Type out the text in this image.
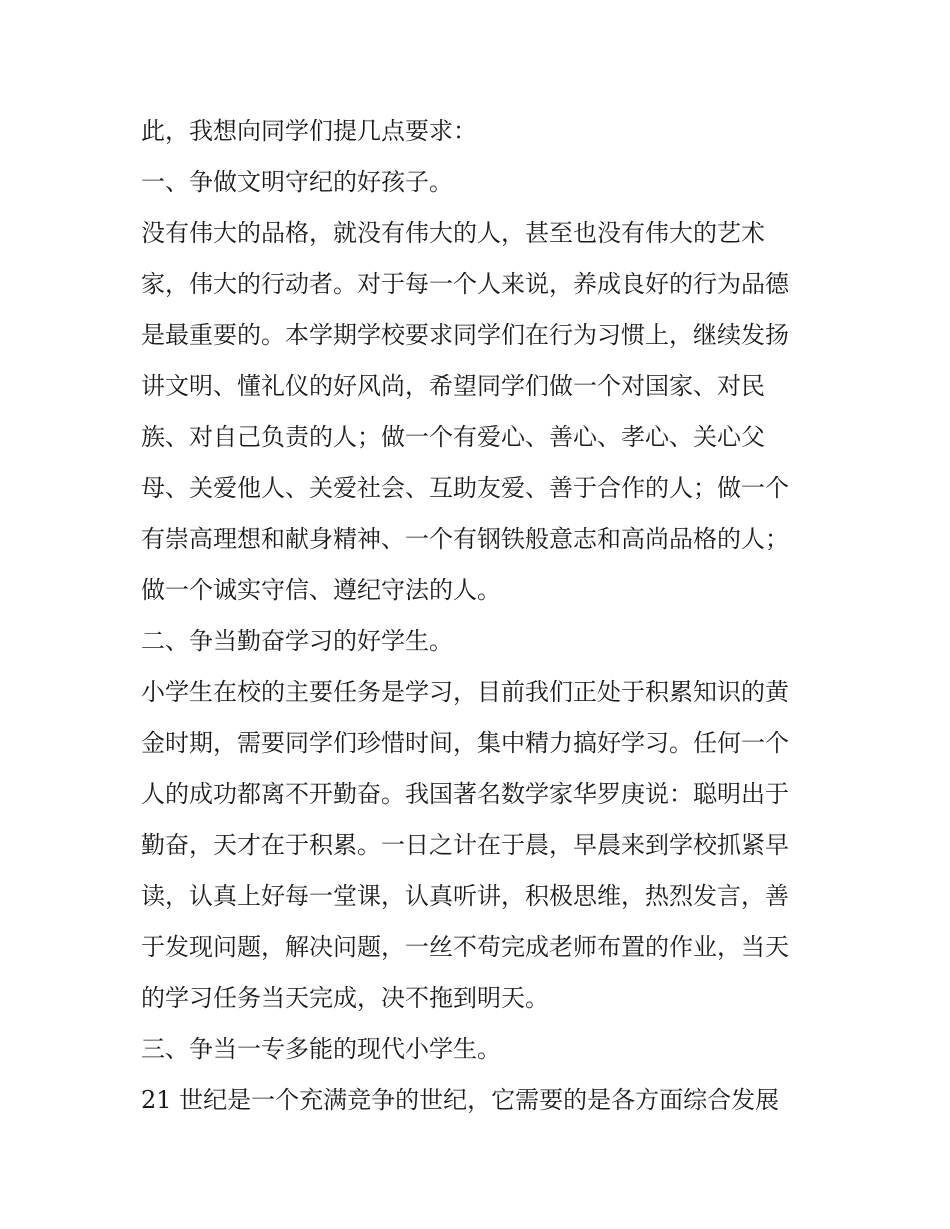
此，我想向同学们提几点要求：
一、争做文明守纪的好孩子。
没有伟大的品格，就没有伟大的人，甚至也没有伟大的艺术
家，伟大的行动者。对于每一个人来说，养成良好的行为品德
是最重要的。本学期学校要求同学们在行为习惯上，继续发扬
讲文明、懂礼仪的好风尚，希望同学们做一个对国家、对民
族、对自己负责的人；做一个有爱心、善心、孝心、关心父
母、关爱他人、关爱社会、互助友爱、善于合作的人；做一个
有崇高理想和献身精神、一个有钢铁般意志和高尚品格的人；
做一个诚实守信、遵纪守法的人。
二、争当勤奋学习的好学生。
小学生在校的主要任务是学习，目前我们正处于积累知识的黄
金时期，需要同学们珍惜时间，集中精力搞好学习。任何一个
人的成功都离不开勤奋。我国著名数学家华罗庚说：聪明出于
勤奋，天才在于积累。一日之计在于晨，早晨来到学校抓紧早
读，认真上好每一堂课，认真听讲，积极思维，热烈发言，善
于发现问题，解决问题，一丝不苟完成老师布置的作业，当天
的学习任务当天完成，决不拖到明天。
三、争当一专多能的现代小学生。
21 世纪是一个充满竞争的世纪，它需要的是各方面综合发展
